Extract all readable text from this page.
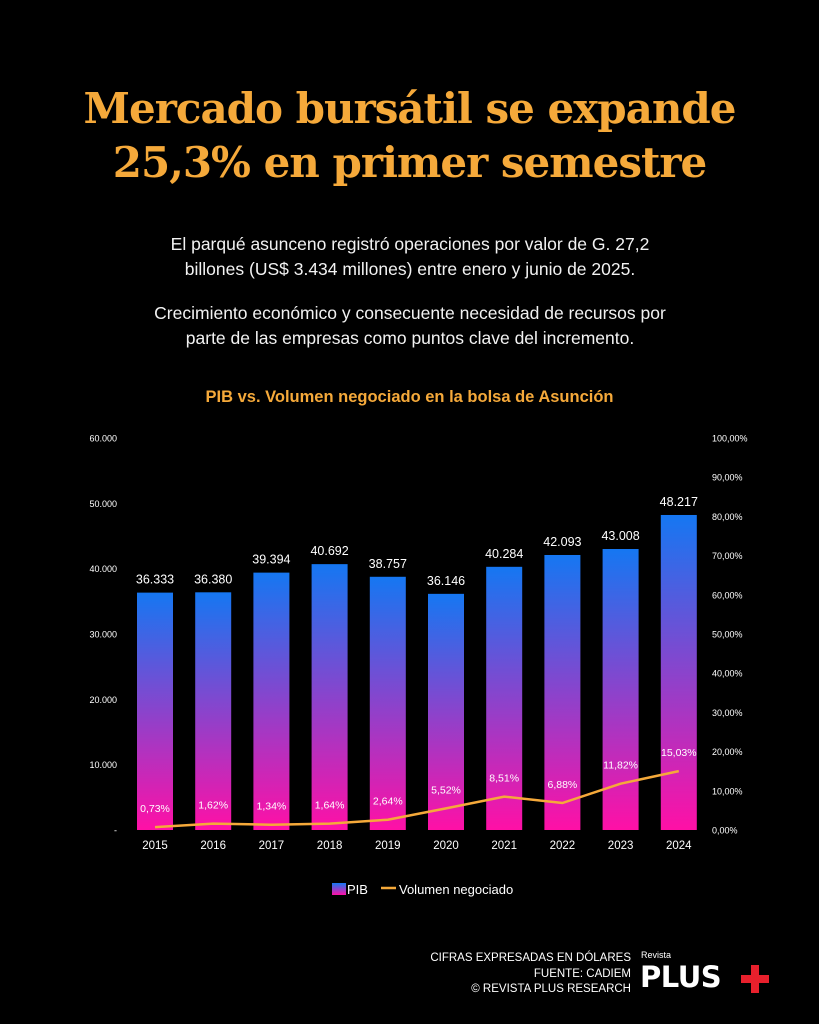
Mercado bursátil se expande
25,3% en primer semestre

El parqué asunceno registró operaciones por valor de G. 27,2
billones (US$ 3.434 millones) entre enero y junio de 2025.

Crecimiento económico y consecuente necesidad de recursos por
parte de las empresas como puntos clave del incremento.

PIB vs. Volumen negociado en la bolsa de Asunción
-
10.000
20.000
30.000
40.000
50.000
60.000
0,00%
10,00%
20,00%
30,00%
40,00%
50,00%
60,00%
70,00%
80,00%
90,00%
100,00%
36.333 36.380
39.394
40.692
38.757
36.146
40.284
42.093 43.008
48.217
0,73%	1,62%	1,34%	1,64%	2,64%
5,52%
8,51%
6,88%
11,82%
15,03%
2015	2016	2017	2018	2019	2020	2021	2022	2023	2024
PIB Volumen negociado
CIFRAS EXPRESADAS EN DÓLARES
FUENTE: CADIEM
© REVISTA PLUS RESEARCH
Revista
PLUS
